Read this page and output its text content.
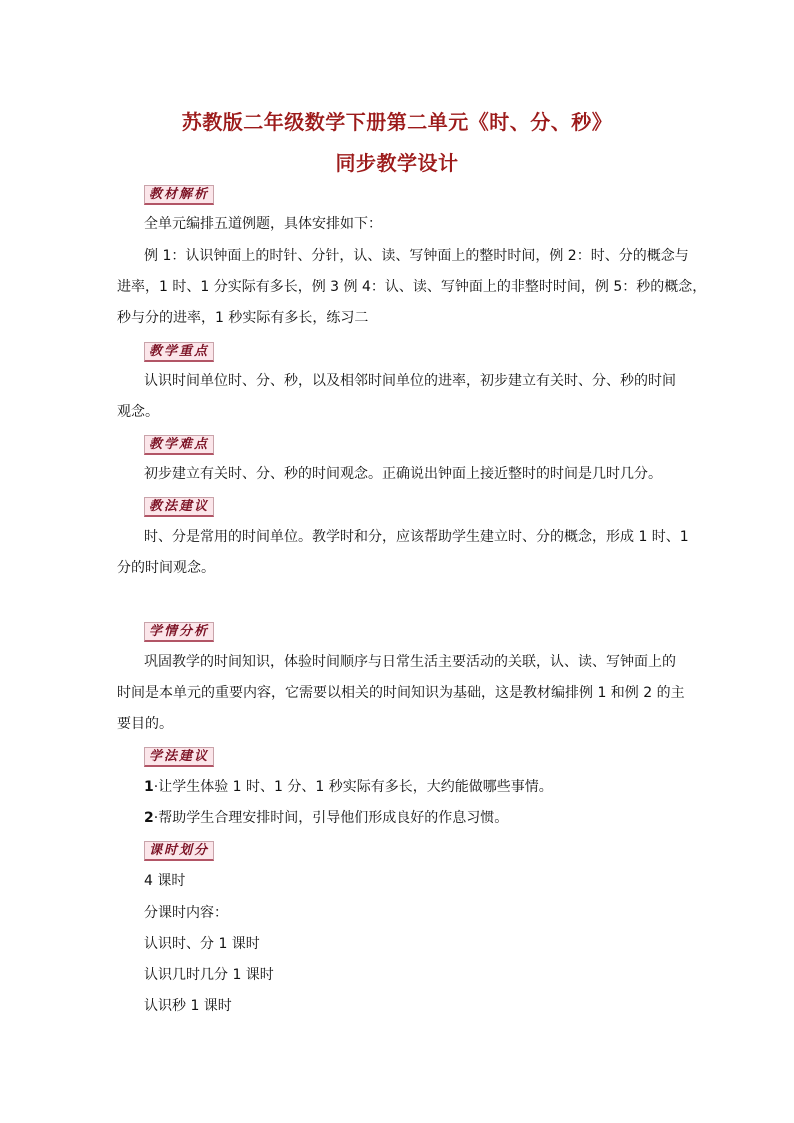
苏教版二年级数学下册第二单元《时、分、秒》
同步教学设计
教材解析
全单元编排五道例题，具体安排如下：
例 1：认识钟面上的时针、分针，认、读、写钟面上的整时时间，例 2：时、分的概念与
进率，1 时、1 分实际有多长，例 3 例 4：认、读、写钟面上的非整时时间，例 5：秒的概念，
秒与分的进率，1 秒实际有多长，练习二
教学重点
认识时间单位时、分、秒，以及相邻时间单位的进率，初步建立有关时、分、秒的时间
观念。
教学难点
初步建立有关时、分、秒的时间观念。正确说出钟面上接近整时的时间是几时几分。
教法建议
时、分是常用的时间单位。教学时和分，应该帮助学生建立时、分的概念，形成 1 时、1
分的时间观念。
学情分析
巩固教学的时间知识，体验时间顺序与日常生活主要活动的关联，认、读、写钟面上的
时间是本单元的重要内容，它需要以相关的时间知识为基础，这是教材编排例 1 和例 2 的主
要目的。
学法建议
1·让学生体验 1 时、1 分、1 秒实际有多长，大约能做哪些事情。
2·帮助学生合理安排时间，引导他们形成良好的作息习惯。
课时划分
4 课时
分课时内容：
认识时、分 1 课时
认识几时几分 1 课时
认识秒 1 课时
